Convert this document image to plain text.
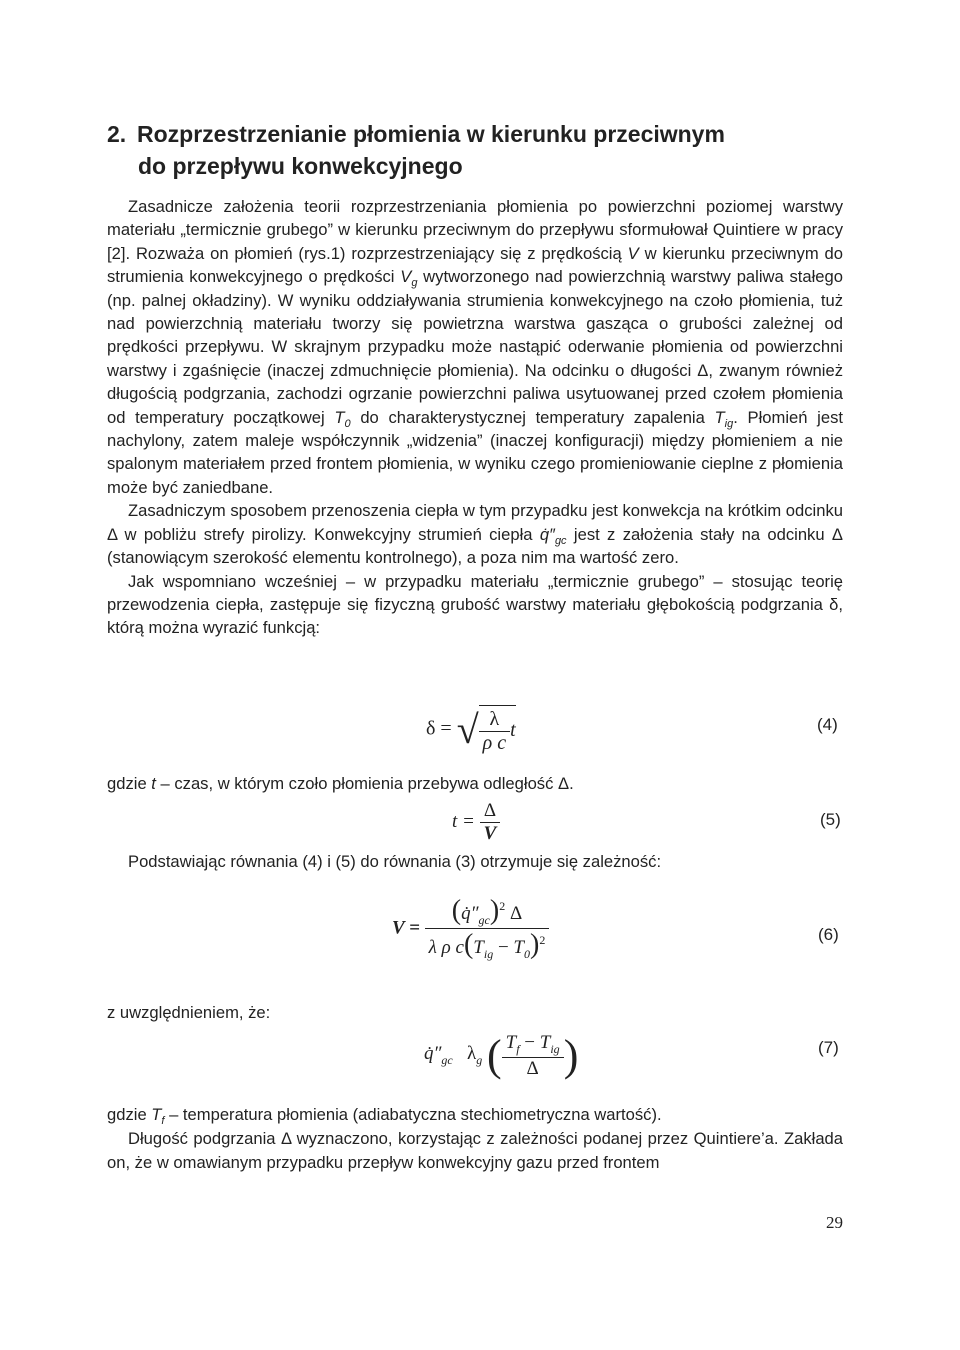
2. Rozprzestrzenianie płomienia w kierunku przeciwnym
do przepływu konwekcyjnego

Zasadnicze założenia teorii rozprzestrzeniania płomienia po powierzchni poziomej warstwy materiału „termicznie grubego” w kierunku przeciwnym do przepływu sformułował Quintiere w pracy [2]. Rozważa on płomień (rys.1) rozprzestrzeniający się z prędkością V w kierunku przeciwnym do strumienia konwekcyjnego o prędkości $V_g$ wytworzonego nad powierzchnią warstwy paliwa stałego (np. palnej okładziny). W wyniku oddziaływania strumienia konwekcyjnego na czoło płomienia, tuż nad powierzchnią materiału tworzy się powietrzna warstwa gasząca o grubości zależnej od prędkości przepływu. W skrajnym przypadku może nastąpić oderwanie płomienia od powierzchni warstwy i zgaśnięcie (inaczej zdmuchnięcie płomienia). Na odcinku o długości Δ, zwanym również długością podgrzania, zachodzi ogrzanie powierzchni paliwa usytuowanej przed czołem płomienia od temperatury początkowej $T_0$ do charakterystycznej temperatury zapalenia $T_{ig}$. Płomień jest nachylony, zatem maleje współczynnik „widzenia” (inaczej konfiguracji) między płomieniem a nie spalonym materiałem przed frontem płomienia, w wyniku czego promieniowanie cieplne z płomienia może być zaniedbane.

Zasadniczym sposobem przenoszenia ciepła w tym przypadku jest konwekcja na krótkim odcinku Δ w pobliżu strefy pirolizy. Konwekcyjny strumień ciepła $q̇''_{gc}$ jest z założenia stały na odcinku Δ (stanowiącym szerokość elementu kontrolnego), a poza nim ma wartość zero.

Jak wspomniano wcześniej – w przypadku materiału „termicznie grubego” – stosując teorię przewodzenia ciepła, zastępuje się fizyczną grubość warstwy materiału głębokością podgrzania δ, którą można wyrazić funkcją:

δ = √ $\frac{\lambda}{\text{ρ c}}$ t	(4)
gdzie t – czas, w którym czoło płomienia przebywa odległość Δ.
$t = \frac{\Delta}{V}$	(5)
Podstawiając równania (4) i (5) do równania (3) otrzymuje się zależność:
$V = \frac{(q̇''_{gc})^2 \Delta}{\lambda \rho c(T_{ig} - T_0)^2}$	(6)
z uwzględnieniem, że:
$q̇''_{gc}$ $\lambda_g$ ( $\frac{T_f - T_{ig}}{\Delta}$ )	(7)

gdzie $T_f$ – temperatura płomienia (adiabatyczna stechiometryczna wartość).

Długość podgrzania Δ wyznaczono, korzystając z zależności podanej przez Quintiere’a. Zakłada on, że w omawianym przypadku przepływ konwekcyjny gazu przed frontem

29
